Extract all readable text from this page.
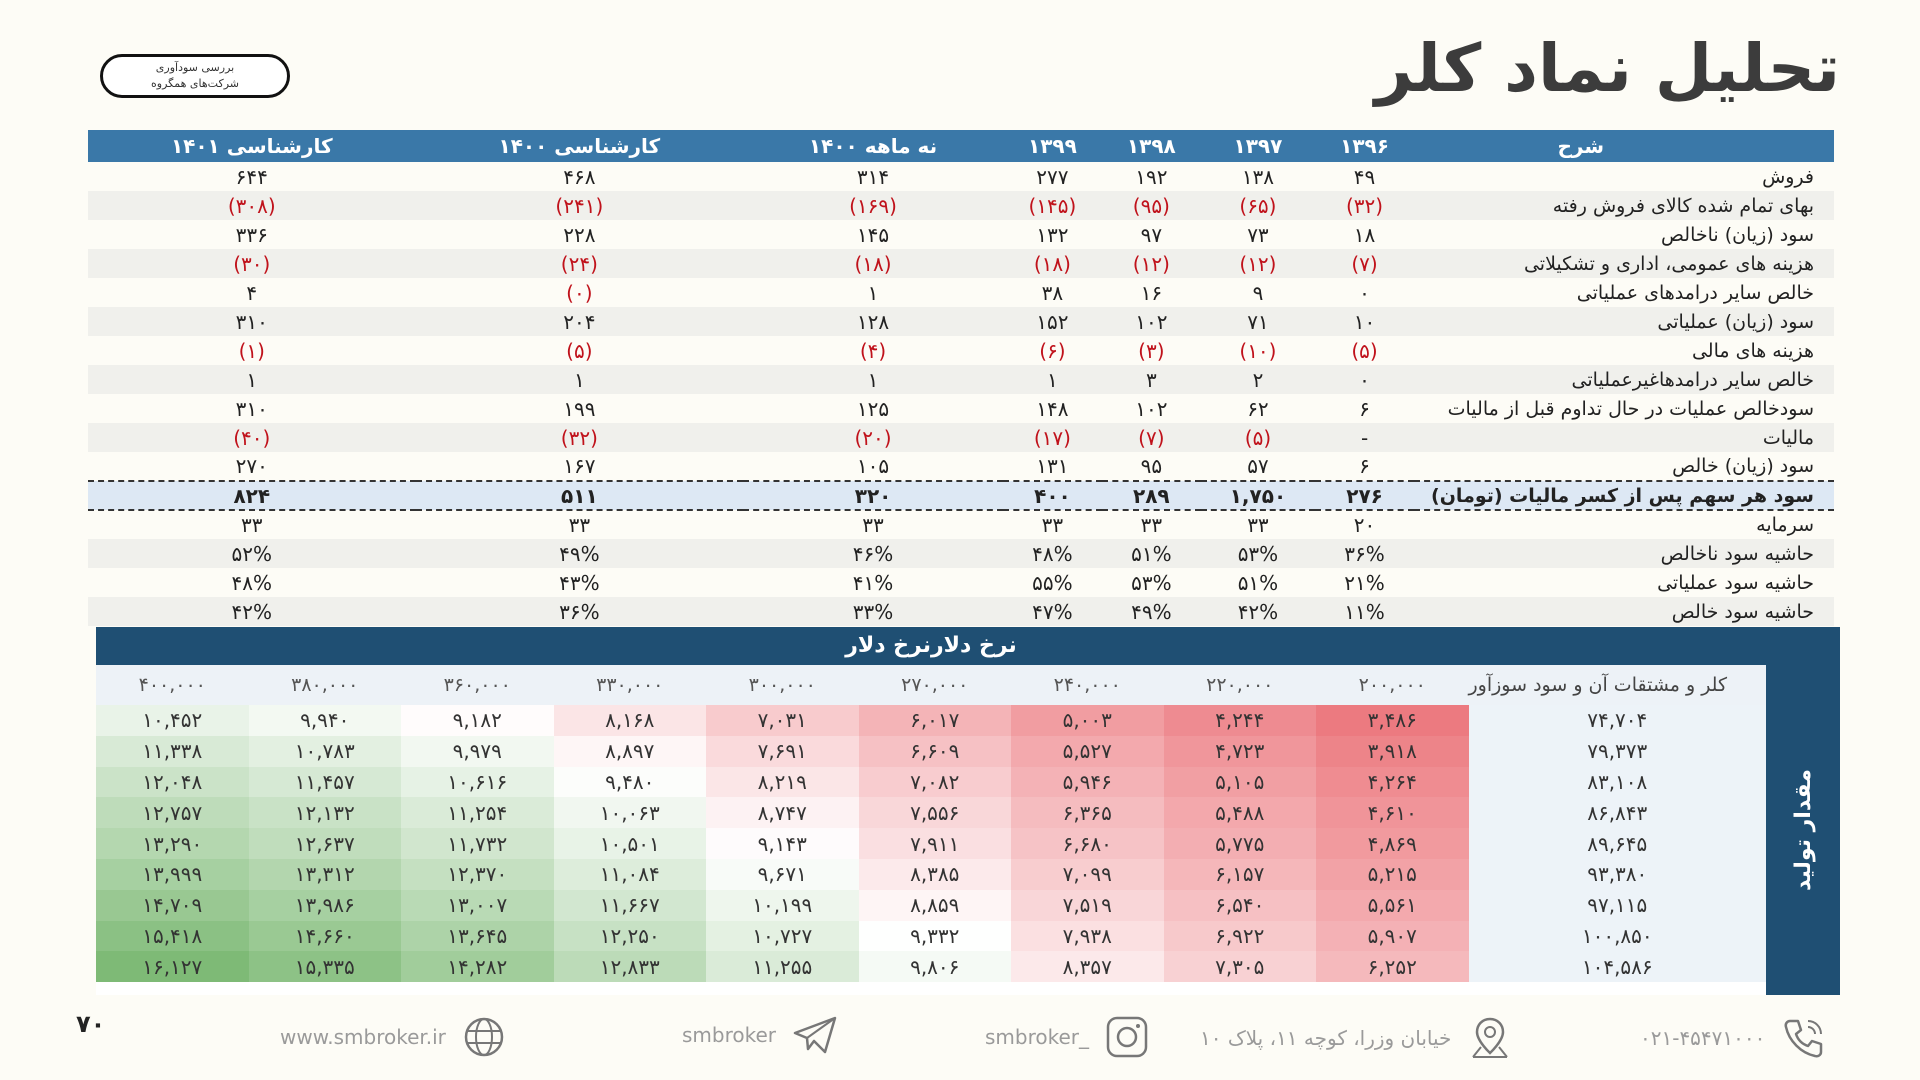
تحلیل نماد کلر
بررسی سودآوری
شرکت‌های همگروه
شرح	۱۳۹۶	۱۳۹۷	۱۳۹۸	۱۳۹۹	نه ماهه ۱۴۰۰	کارشناسی ۱۴۰۰	کارشناسی ۱۴۰۱
فروش	۴۹	۱۳۸	۱۹۲	۲۷۷	۳۱۴	۴۶۸	۶۴۴
بهای تمام شده کالای فروش رفته	(۳۲)	(۶۵)	(۹۵)	(۱۴۵)	(۱۶۹)	(۲۴۱)	(۳۰۸)
سود (زیان) ناخالص	۱۸	۷۳	۹۷	۱۳۲	۱۴۵	۲۲۸	۳۳۶
هزینه های عمومی، اداری و تشکیلاتی	(۷)	(۱۲)	(۱۲)	(۱۸)	(۱۸)	(۲۴)	(۳۰)
خالص سایر درامدهای عملیاتی	۰	۹	۱۶	۳۸	۱	(۰)	۴
سود (زیان) عملیاتی	۱۰	۷۱	۱۰۲	۱۵۲	۱۲۸	۲۰۴	۳۱۰
هزینه های مالی	(۵)	(۱۰)	(۳)	(۶)	(۴)	(۵)	(۱)
خالص سایر درامدهاغیرعملیاتی	۰	۲	۳	۱	۱	۱	۱
سودخالص عملیات در حال تداوم قبل از مالیات	۶	۶۲	۱۰۲	۱۴۸	۱۲۵	۱۹۹	۳۱۰
مالیات	-	(۵)	(۷)	(۱۷)	(۲۰)	(۳۲)	(۴۰)
سود (زیان) خالص	۶	۵۷	۹۵	۱۳۱	۱۰۵	۱۶۷	۲۷۰
سود هر سهم پس از کسر مالیات (تومان)	۲۷۶	۱,۷۵۰	۲۸۹	۴۰۰	۳۲۰	۵۱۱	۸۲۴
سرمایه	۲۰	۳۳	۳۳	۳۳	۳۳	۳۳	۳۳
حاشیه سود ناخالص	۳۶%	۵۳%	۵۱%	۴۸%	۴۶%	۴۹%	۵۲%
حاشیه سود عملیاتی	۲۱%	۵۱%	۵۳%	۵۵%	۴۱%	۴۳%	۴۸%
حاشیه سود خالص	۱۱%	۴۲%	۴۹%	۴۷%	۳۳%	۳۶%	۴۲%
نرخ دلارنرخ دلار
مقدار تولید
۴۰۰,۰۰۰	۳۸۰,۰۰۰	۳۶۰,۰۰۰	۳۳۰,۰۰۰	۳۰۰,۰۰۰	۲۷۰,۰۰۰	۲۴۰,۰۰۰	۲۲۰,۰۰۰	۲۰۰,۰۰۰	کلر و مشتقات آن و سود سوزآور
۱۰,۴۵۲	۹,۹۴۰	۹,۱۸۲	۸,۱۶۸	۷,۰۳۱	۶,۰۱۷	۵,۰۰۳	۴,۲۴۴	۳,۴۸۶	۷۴,۷۰۴
۱۱,۳۳۸	۱۰,۷۸۳	۹,۹۷۹	۸,۸۹۷	۷,۶۹۱	۶,۶۰۹	۵,۵۲۷	۴,۷۲۳	۳,۹۱۸	۷۹,۳۷۳
۱۲,۰۴۸	۱۱,۴۵۷	۱۰,۶۱۶	۹,۴۸۰	۸,۲۱۹	۷,۰۸۲	۵,۹۴۶	۵,۱۰۵	۴,۲۶۴	۸۳,۱۰۸
۱۲,۷۵۷	۱۲,۱۳۲	۱۱,۲۵۴	۱۰,۰۶۳	۸,۷۴۷	۷,۵۵۶	۶,۳۶۵	۵,۴۸۸	۴,۶۱۰	۸۶,۸۴۳
۱۳,۲۹۰	۱۲,۶۳۷	۱۱,۷۳۲	۱۰,۵۰۱	۹,۱۴۳	۷,۹۱۱	۶,۶۸۰	۵,۷۷۵	۴,۸۶۹	۸۹,۶۴۵
۱۳,۹۹۹	۱۳,۳۱۲	۱۲,۳۷۰	۱۱,۰۸۴	۹,۶۷۱	۸,۳۸۵	۷,۰۹۹	۶,۱۵۷	۵,۲۱۵	۹۳,۳۸۰
۱۴,۷۰۹	۱۳,۹۸۶	۱۳,۰۰۷	۱۱,۶۶۷	۱۰,۱۹۹	۸,۸۵۹	۷,۵۱۹	۶,۵۴۰	۵,۵۶۱	۹۷,۱۱۵
۱۵,۴۱۸	۱۴,۶۶۰	۱۳,۶۴۵	۱۲,۲۵۰	۱۰,۷۲۷	۹,۳۳۲	۷,۹۳۸	۶,۹۲۲	۵,۹۰۷	۱۰۰,۸۵۰
۱۶,۱۲۷	۱۵,۳۳۵	۱۴,۲۸۲	۱۲,۸۳۳	۱۱,۲۵۵	۹,۸۰۶	۸,۳۵۷	۷,۳۰۵	۶,۲۵۲	۱۰۴,۵۸۶
۷۰	www.smbroker.ir	smbroker	smbroker_	خیابان وزرا، کوچه ۱۱، پلاک ۱۰	۰۲۱-۴۵۴۷۱۰۰۰
